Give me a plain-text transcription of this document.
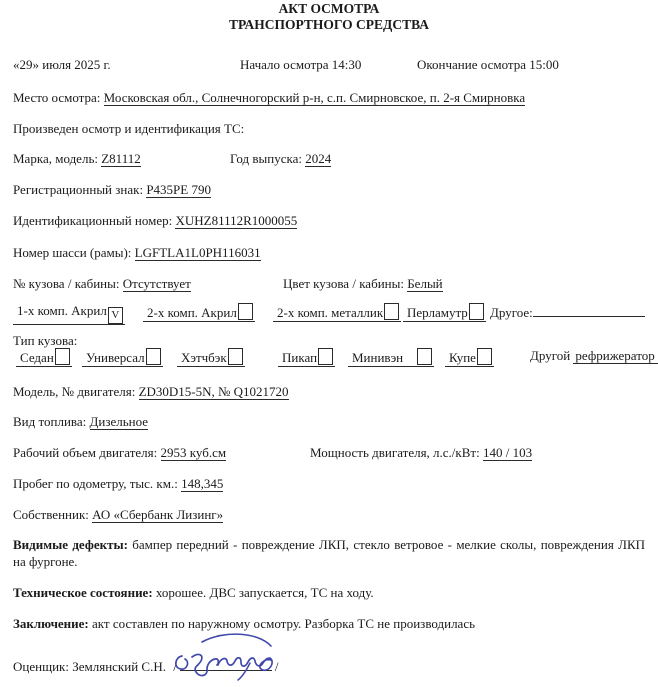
АКТ ОСМОТРА
ТРАНСПОРТНОГО СРЕДСТВА
«29» июля 2025 г.	Начало осмотра 14:30	Окончание осмотра 15:00
Место осмотра: Московская обл., Солнечногорский р-н, с.п. Смирновское, п. 2-я Смирновка
Произведен осмотр и идентификация ТС:
Марка, модель: Z81112	Год выпуска: 2024
Регистрационный знак: Р435РЕ 790
Идентификационный номер: XUHZ81112R1000055
Номер шасси (рамы): LGFTLA1L0PH116031
№ кузова / кабины: Отсутствует	Цвет кузова / кабины: Белый
1-х комп. Акрил V	2-х комп. Акрил	2-х комп. металлик	Перламутр	Другое:
Тип кузова:
Седан	Универсал	Хэтчбэк	Пикап	Минивэн	Купе	Другой рефрижератор
Модель, № двигателя: ZD30D15-5N, № Q1021720
Вид топлива: Дизельное
Рабочий объем двигателя: 2953 куб.см	Мощность двигателя, л.с./кВт: 140 / 103
Пробег по одометру, тыс. км.: 148,345
Собственник: АО «Сбербанк Лизинг»
Видимые дефекты: бампер передний - повреждение ЛКП, стекло ветровое - мелкие сколы, повреждения ЛКП на фургоне.
Техническое состояние: хорошее. ДВС запускается, ТС на ходу.
Заключение: акт составлен по наружному осмотру. Разборка ТС не производилась
Оценщик: Землянский С.Н. /	/
